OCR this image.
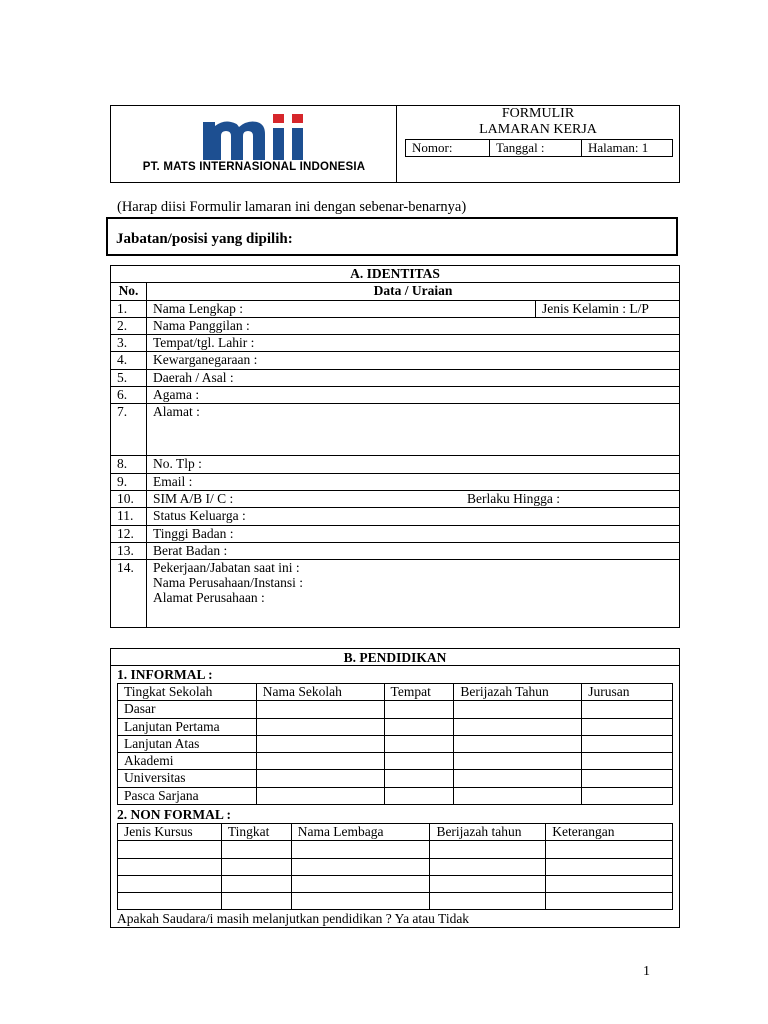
PT. MATS INTERNASIONAL INDONESIA
FORMULIR
LAMARAN KERJA
Nomor:	Tanggal :	Halaman: 1
(Harap diisi Formulir lamaran ini dengan sebenar-benarnya)
Jabatan/posisi yang dipilih:
A. IDENTITAS		
No.	Data / Uraian	
1.	Nama Lengkap :	Jenis Kelamin : L/P
2.	Nama Panggilan :	
3.	Tempat/tgl. Lahir :	
4.	Kewarganegaraan :	
5.	Daerah / Asal :	
6.	Agama :	
7.	Alamat :	
8.	No. Tlp :	
9.	Email :	
10.	SIM A/B I/ C : Berlaku Hingga :	

11.	Status Keluarga :	
12.	Tinggi Badan :	
13.	Berat Badan :	
14.	Pekerjaan/Jabatan saat ini :
Nama Perusahaan/Instansi :
Alamat Perusahaan :	
B. PENDIDIKAN
1. INFORMAL :
Tingkat Sekolah	Nama Sekolah	Tempat	Berijazah Tahun	Jurusan
Dasar				
Lanjutan Pertama				
Lanjutan Atas				
Akademi				
Universitas				
Pasca Sarjana				
2. NON FORMAL :
Jenis Kursus	Tingkat	Nama Lembaga	Berijazah tahun	Keterangan

Apakah Saudara/i masih melanjutkan pendidikan ? Ya atau Tidak
1
